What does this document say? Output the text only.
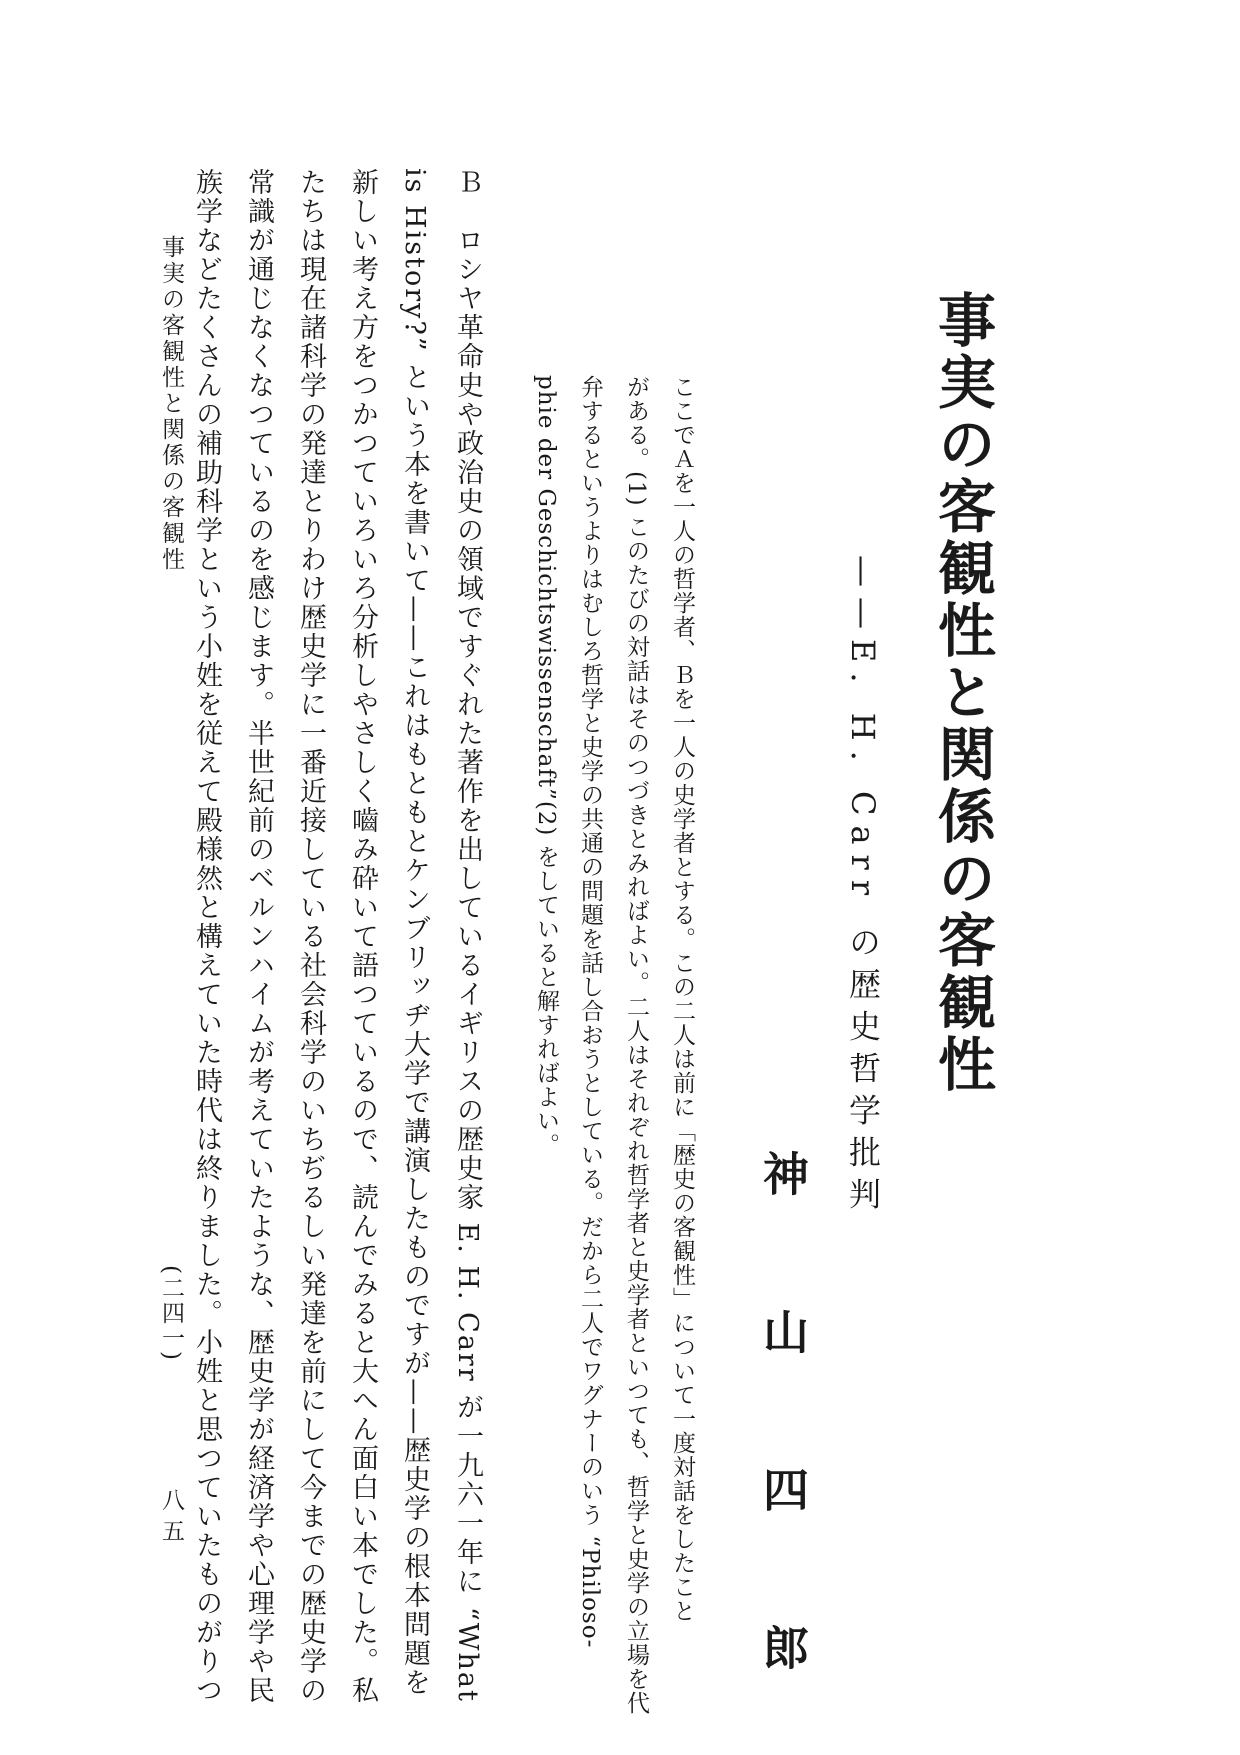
事実の客観性と関係の客観性
——E. H. Carr の歴史哲学批判
神 山 四 郎
ここでＡを一人の哲学者、Ｂを一人の史学者とする。この二人は前に「歴史の客観性」について一度対話をしたこと
がある。(1) このたびの対話はそのつづきとみればよい。二人はそれぞれ哲学者と史学者といつても、哲学と史学の立場を代
弁するというよりはむしろ哲学と史学の共通の問題を話し合おうとしている。だから二人でワグナーのいう “Philoso-
phie der Geschichtswissenschaft”(2) をしていると解すればよい。
Ｂ　ロシヤ革命史や政治史の領域ですぐれた著作を出しているイギリスの歴史家 E. H. Carr が一九六一年に “What
is History?” という本を書いて——これはもともとケンブリッヂ大学で講演したものですが——歴史学の根本問題を
新しい考え方をつかつていろいろ分析しやさしく嚙み砕いて語つているので、読んでみると大へん面白い本でした。私
たちは現在諸科学の発達とりわけ歴史学に一番近接している社会科学のいちぢるしい発達を前にして今までの歴史学の
常識が通じなくなつているのを感じます。半世紀前のベルンハイムが考えていたような、歴史学が経済学や心理学や民
族学などたくさんの補助科学という小姓を従えて殿様然と構えていた時代は終りました。小姓と思つていたものがりつ
事実の客観性と関係の客観性
(二四一)
八五
